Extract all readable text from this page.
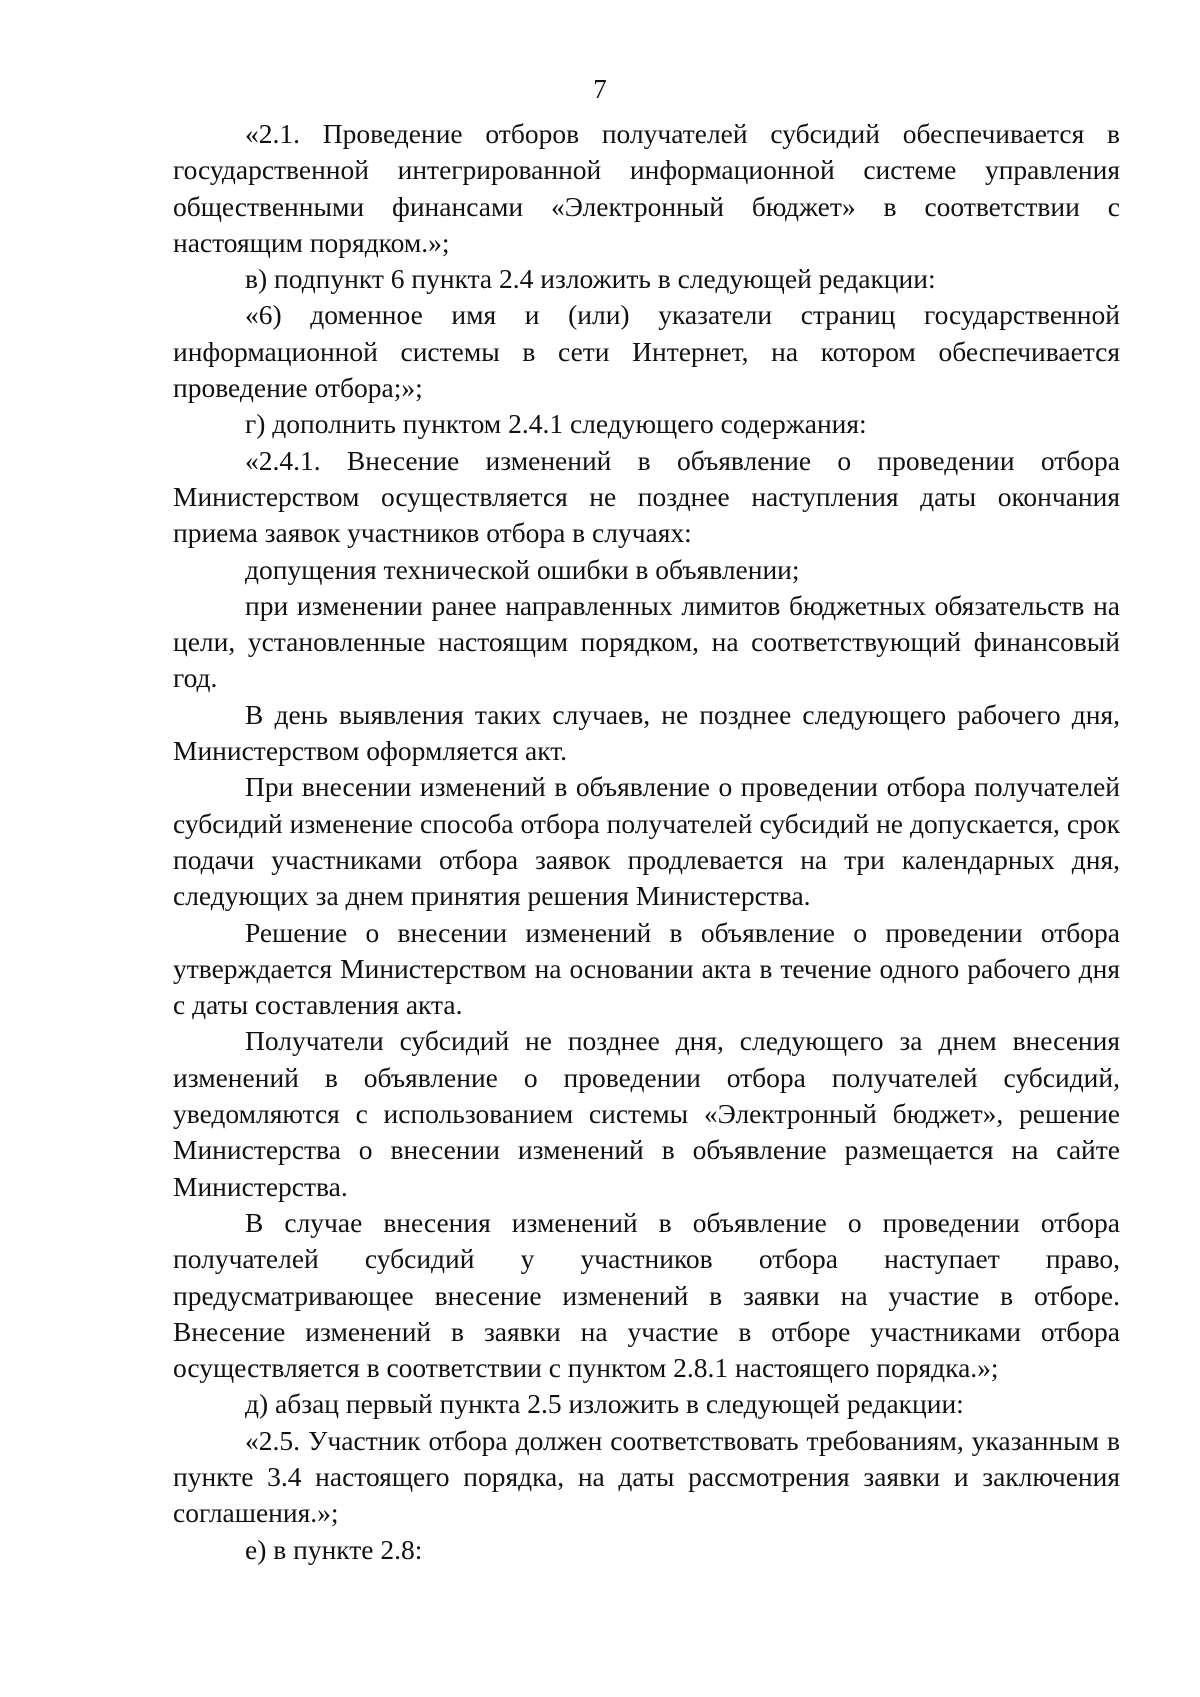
7

«2.1. Проведение отборов получателей субсидий обеспечивается в государственной интегрированной информационной системе управления общественными финансами «Электронный бюджет» в соответствии с настоящим порядком.»;

в) подпункт 6 пункта 2.4 изложить в следующей редакции:

«6) доменное имя и (или) указатели страниц государственной информационной системы в сети Интернет, на котором обеспечивается проведение отбора;»;

г) дополнить пунктом 2.4.1 следующего содержания:

«2.4.1. Внесение изменений в объявление о проведении отбора Министерством осуществляется не позднее наступления даты окончания приема заявок участников отбора в случаях:

допущения технической ошибки в объявлении;

при изменении ранее направленных лимитов бюджетных обязательств на цели, установленные настоящим порядком, на соответствующий финансовый год.

В день выявления таких случаев, не позднее следующего рабочего дня, Министерством оформляется акт.

При внесении изменений в объявление о проведении отбора получателей субсидий изменение способа отбора получателей субсидий не допускается, срок подачи участниками отбора заявок продлевается на три календарных дня, следующих за днем принятия решения Министерства.

Решение о внесении изменений в объявление о проведении отбора утверждается Министерством на основании акта в течение одного рабочего дня с даты составления акта.

Получатели субсидий не позднее дня, следующего за днем внесения изменений в объявление о проведении отбора получателей субсидий, уведомляются с использованием системы «Электронный бюджет», решение Министерства о внесении изменений в объявление размещается на сайте Министерства.

В случае внесения изменений в объявление о проведении отбора получателей субсидий у участников отбора наступает право, предусматривающее внесение изменений в заявки на участие в отборе. Внесение изменений в заявки на участие в отборе участниками отбора осуществляется в соответствии с пунктом 2.8.1 настоящего порядка.»;

д) абзац первый пункта 2.5 изложить в следующей редакции:

«2.5. Участник отбора должен соответствовать требованиям, указанным в пункте 3.4 настоящего порядка, на даты рассмотрения заявки и заключения соглашения.»;

е) в пункте 2.8:
